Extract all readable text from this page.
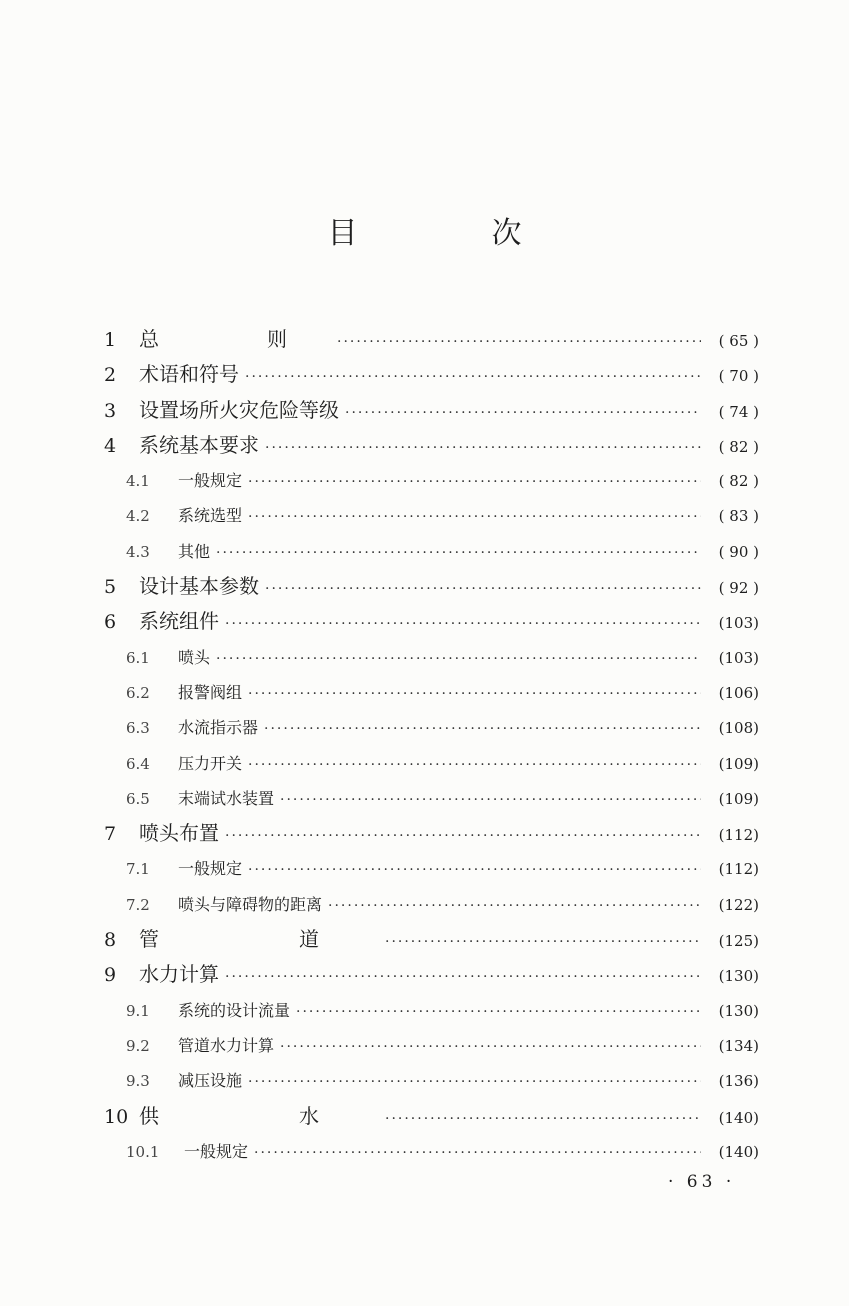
目　次
1	总　则 ·····	( 65 )
2	术语和符号 ·····	( 70 )
3	设置场所火灾危险等级 ·····	( 74 )
4	系统基本要求 ·····	( 82 )
4.1	一般规定 ·····	( 82 )
4.2	系统选型 ·····	( 83 )
4.3	其他 ·····	( 90 )
5	设计基本参数 ·····	( 92 )
6	系统组件 ·····	(103)
6.1	喷头 ·····	(103)
6.2	报警阀组 ·····	(106)
6.3	水流指示器 ·····	(108)
6.4	压力开关 ·····	(109)
6.5	末端试水装置 ·····	(109)
7	喷头布置 ·····	(112)
7.1	一般规定 ·····	(112)
7.2	喷头与障碍物的距离 ·····	(122)
8	管　道 ·····	(125)
9	水力计算 ·····	(130)
9.1	系统的设计流量 ·····	(130)
9.2	管道水力计算 ·····	(134)
9.3	减压设施 ·····	(136)
10 供　水 ·····	(140)
10.1	一般规定 ·····	(140)
· 63 ·
